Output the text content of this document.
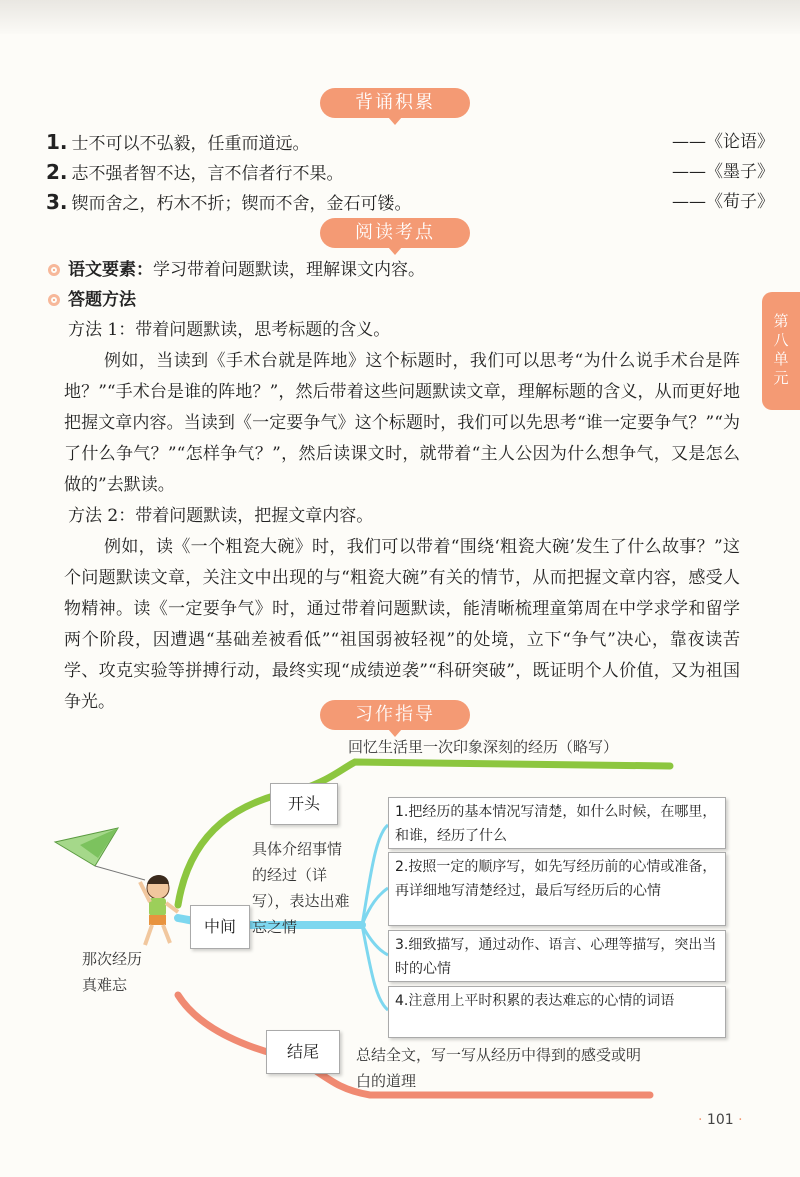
第八单元
背诵积累
1. 士不可以不弘毅，任重而道远。	——《论语》
2. 志不强者智不达，言不信者行不果。	——《墨子》
3. 锲而舍之，朽木不折；锲而不舍，金石可镂。	——《荀子》
阅读考点
语文要素：学习带着问题默读，理解课文内容。
答题方法
方法 1：带着问题默读，思考标题的含义。
例如，当读到《手术台就是阵地》这个标题时，我们可以思考“为什么说手术台是阵地？”“手术台是谁的阵地？”，然后带着这些问题默读文章，理解标题的含义，从而更好地把握文章内容。当读到《一定要争气》这个标题时，我们可以先思考“谁一定要争气？”“为了什么争气？”“怎样争气？”，然后读课文时，就带着“主人公因为什么想争气，又是怎么做的”去默读。
方法 2：带着问题默读，把握文章内容。
例如，读《一个粗瓷大碗》时，我们可以带着“围绕‘粗瓷大碗’发生了什么故事？”这个问题默读文章，关注文中出现的与“粗瓷大碗”有关的情节，从而把握文章内容，感受人物精神。读《一定要争气》时，通过带着问题默读，能清晰梳理童第周在中学求学和留学两个阶段，因遭遇“基础差被看低”“祖国弱被轻视”的处境，立下“争气”决心，靠夜读苦学、攻克实验等拼搏行动，最终实现“成绩逆袭”“科研突破”，既证明个人价值，又为祖国争光。
习作指导
那次经历真难忘
开头
回忆生活里一次印象深刻的经历（略写）
中间
具体介绍事情的经过（详写），表达出难忘之情
1.把经历的基本情况写清楚，如什么时候，在哪里，和谁，经历了什么
2.按照一定的顺序写，如先写经历前的心情或准备，再详细地写清楚经过，最后写经历后的心情
3.细致描写，通过动作、语言、心理等描写，突出当时的心情
4.注意用上平时积累的表达难忘的心情的词语
结尾	总结全文，写一写从经历中得到的感受或明白的道理
· 101 ·
